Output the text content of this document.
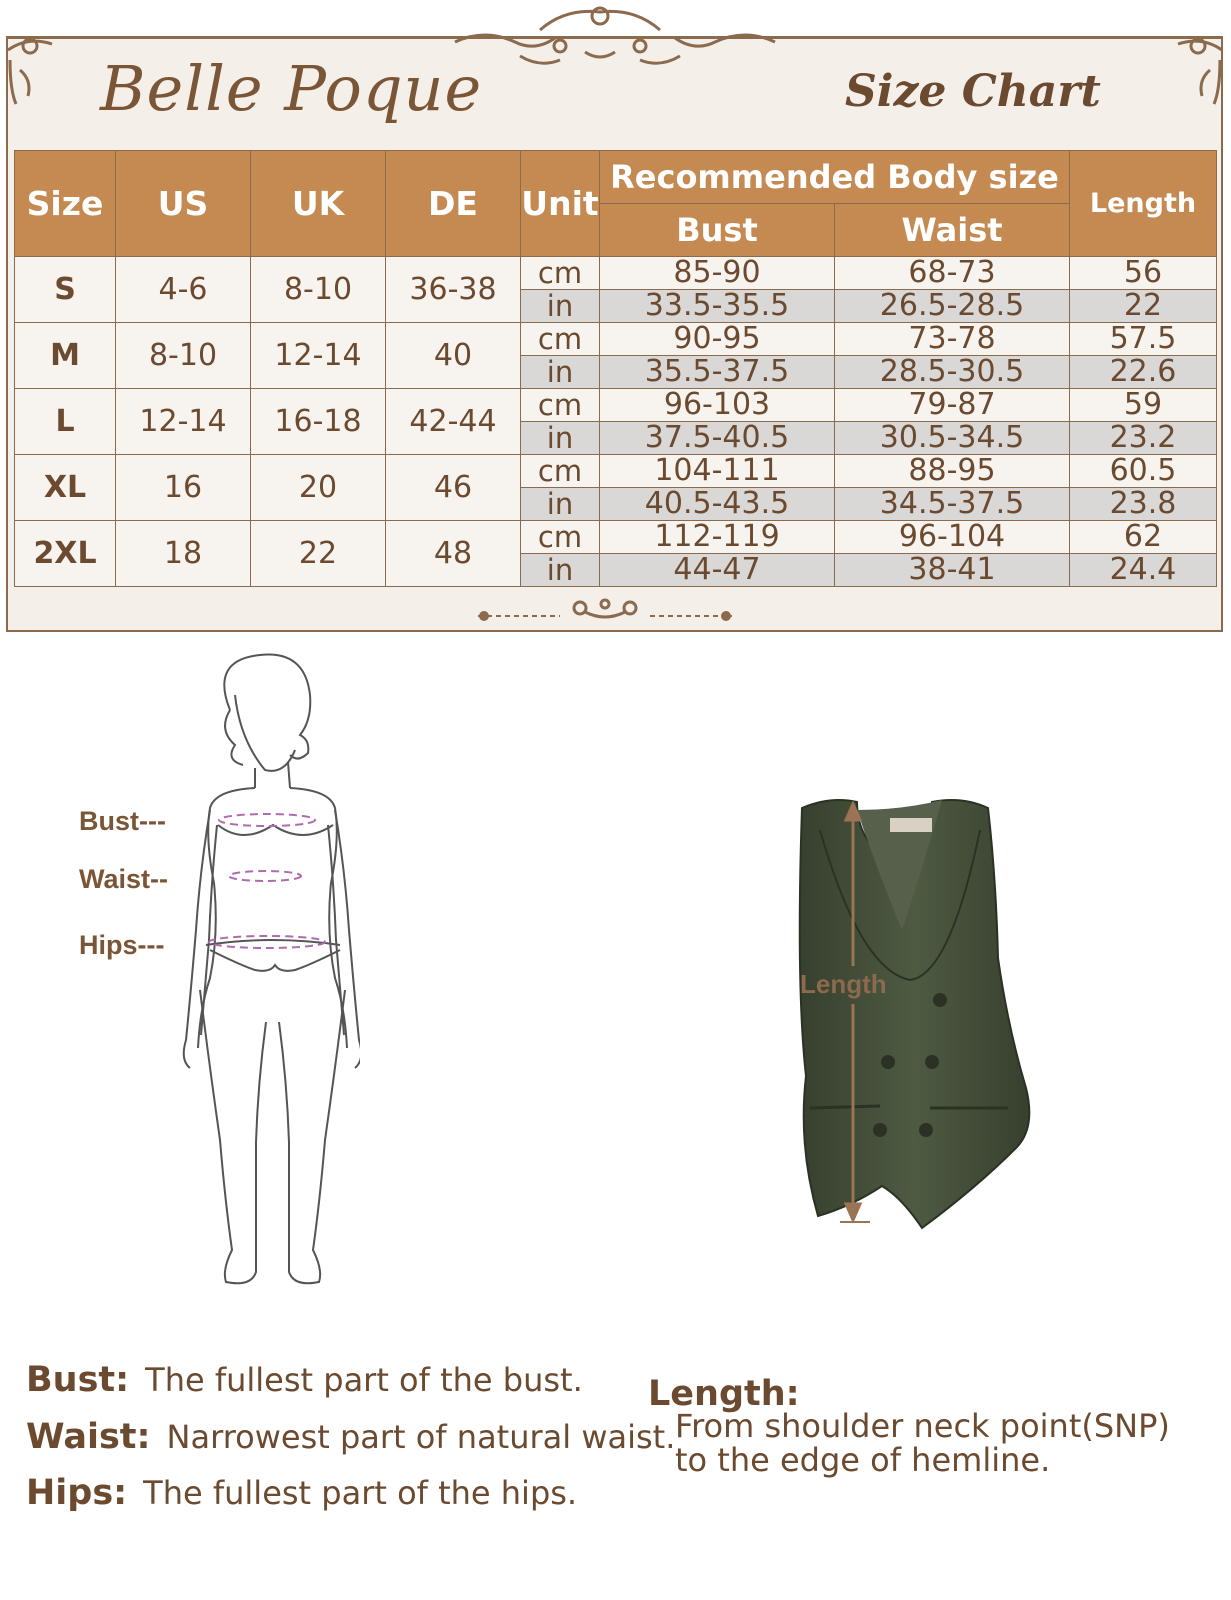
Belle Poque	Size Chart
Size	US	UK	DE	Unit	Recommended Body size		Length
					Bust	Waist	
S	4-6	8-10	36-38	cm	85-90	68-73	56
				in	33.5-35.5	26.5-28.5	22
M	8-10	12-14	40	cm	90-95	73-78	57.5
				in	35.5-37.5	28.5-30.5	22.6
L	12-14	16-18	42-44	cm	96-103	79-87	59
				in	37.5-40.5	30.5-34.5	23.2
XL	16	20	46	cm	104-111	88-95	60.5
				in	40.5-43.5	34.5-37.5	23.8
2XL	18	22	48	cm	112-119	96-104	62
				in	44-47	38-41	24.4
Bust---
Waist--
Hips---
Length
Bust: The fullest part of the bust.
Waist: Narrowest part of natural waist.
Hips: The fullest part of the hips.
Length:
From shoulder neck point(SNP) to the edge of hemline.
